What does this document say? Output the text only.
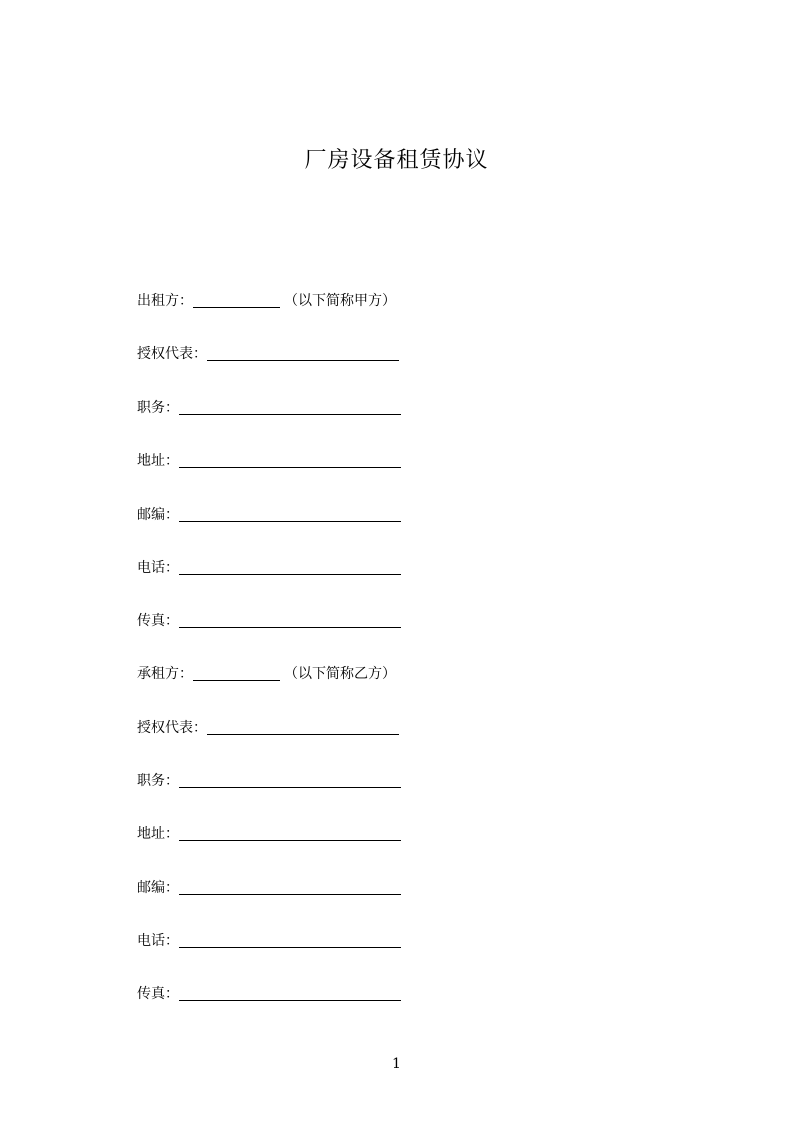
厂房设备租赁协议
出租方：	（以下简称甲方）
授权代表：
职务：
地址：
邮编：
电话：
传真：
承租方：	（以下简称乙方）
授权代表：
职务：
地址：
邮编：
电话：
传真：
1
